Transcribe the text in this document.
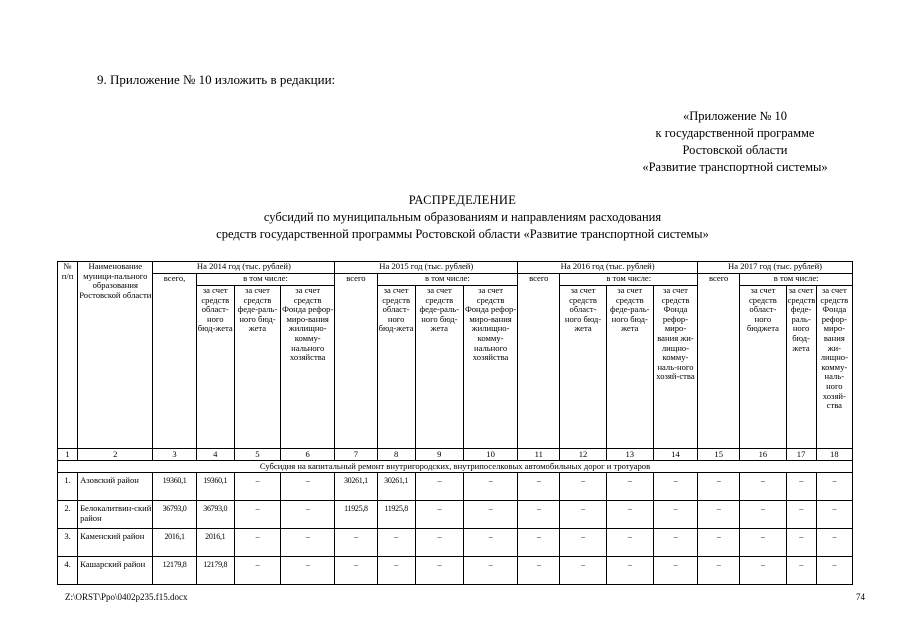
9. Приложение № 10 изложить в редакции:
«Приложение № 10
к государственной программе
Ростовской области
«Развитие транспортной системы»
РАСПРЕДЕЛЕНИЕ
субсидий по муниципальным образованиям и направлениям расходования
средств государственной программы Ростовской области «Развитие транспортной системы»
№ п/п	Наименование муници-пального образования Ростовской области	На 2014 год (тыс. рублей)				На 2015 год (тыс. рублей)				На 2016 год (тыс. рублей)				На 2017 год (тыс. рублей)			
		всего,	в том числе:			всего	в том числе:			всего	в том числе:			всего	в том числе:		
			за счет средств област-ного бюд-жета	за счет средств феде-раль-ного бюд-жета	за счет средств Фонда рефор-миро-вания жилищно-комму-нального хозяйства		за счет средств област-ного бюд-жета	за счет средств феде-раль-ного бюд-жета	за счет средств Фонда рефор-миро-вания жилищно-комму-нального хозяйства		за счет средств област-ного бюд-жета	за счет средств феде-раль-ного бюд-жета	за счет средств Фонда рефор-миро-вания жи-лищно-комму-наль-ного хозяй-ства		за счет средств област-ного бюджета	за счет средств феде-раль-ного бюд-жета	за счет средств Фонда рефор-миро-вания жи-лищно-комму-наль-ного хозяй-ства
1	2	3	4	5	6	7	8	9	10	11	12	13	14	15	16	17	18
Субсидия на капитальный ремонт внутригородских, внутрипоселковых автомобильных дорог и тротуаров																	
1.	Азовский район	19360,1	19360,1	–	–	30261,1	30261,1	–	–	–	–	–	–	–	–	–	–
2.	Белокалитвин-ский район	36793,0	36793,0	–	–	11925,8	11925,8	–	–	–	–	–	–	–	–	–	–
3.	Каменский район	2016,1	2016,1	–	–	–	–	–	–	–	–	–	–	–	–	–	–
4.	Кашарский район	12179,8	12179,8	–	–	–	–	–	–	–	–	–	–	–	–	–	–
Z:\ORST\Ppo\0402p235.f15.docx	74
